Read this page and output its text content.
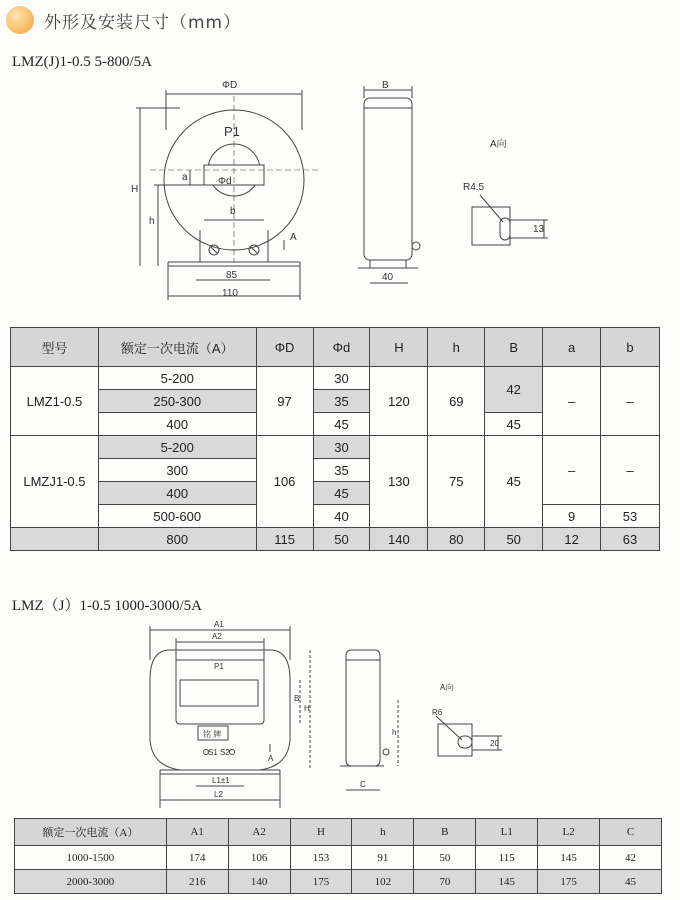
外形及安装尺寸（mm）
LMZ(J)1-0.5 5-800/5A
ΦD
P1
a	Φd
b
H
h
A
85
110
B
40
A向
R4.5
13
型号	额定一次电流（A）	ΦD	Φd	H	h	B	a	b
LMZ1-0.5	5-200	97	30	120	69	42	–	–
	250-300		35					
	400		45			45		
LMZJ1-0.5	5-200	106	30	130	75	45	–	–
	300		35					
	400		45					
	500-600		40				9	53
	800	115	50	140	80	50	12	63
LMZ（J）1-0.5 1000-3000/5A
A1
A2
P1
B
H
铭 牌
S1 S2
A
L1±1
L2
h
C
A向
R6
20
额定一次电流（A）	A1	A2	H	h	B	L1	L2	C
1000-1500	174	106	153	91	50	115	145	42
2000-3000	216	140	175	102	70	145	175	45
